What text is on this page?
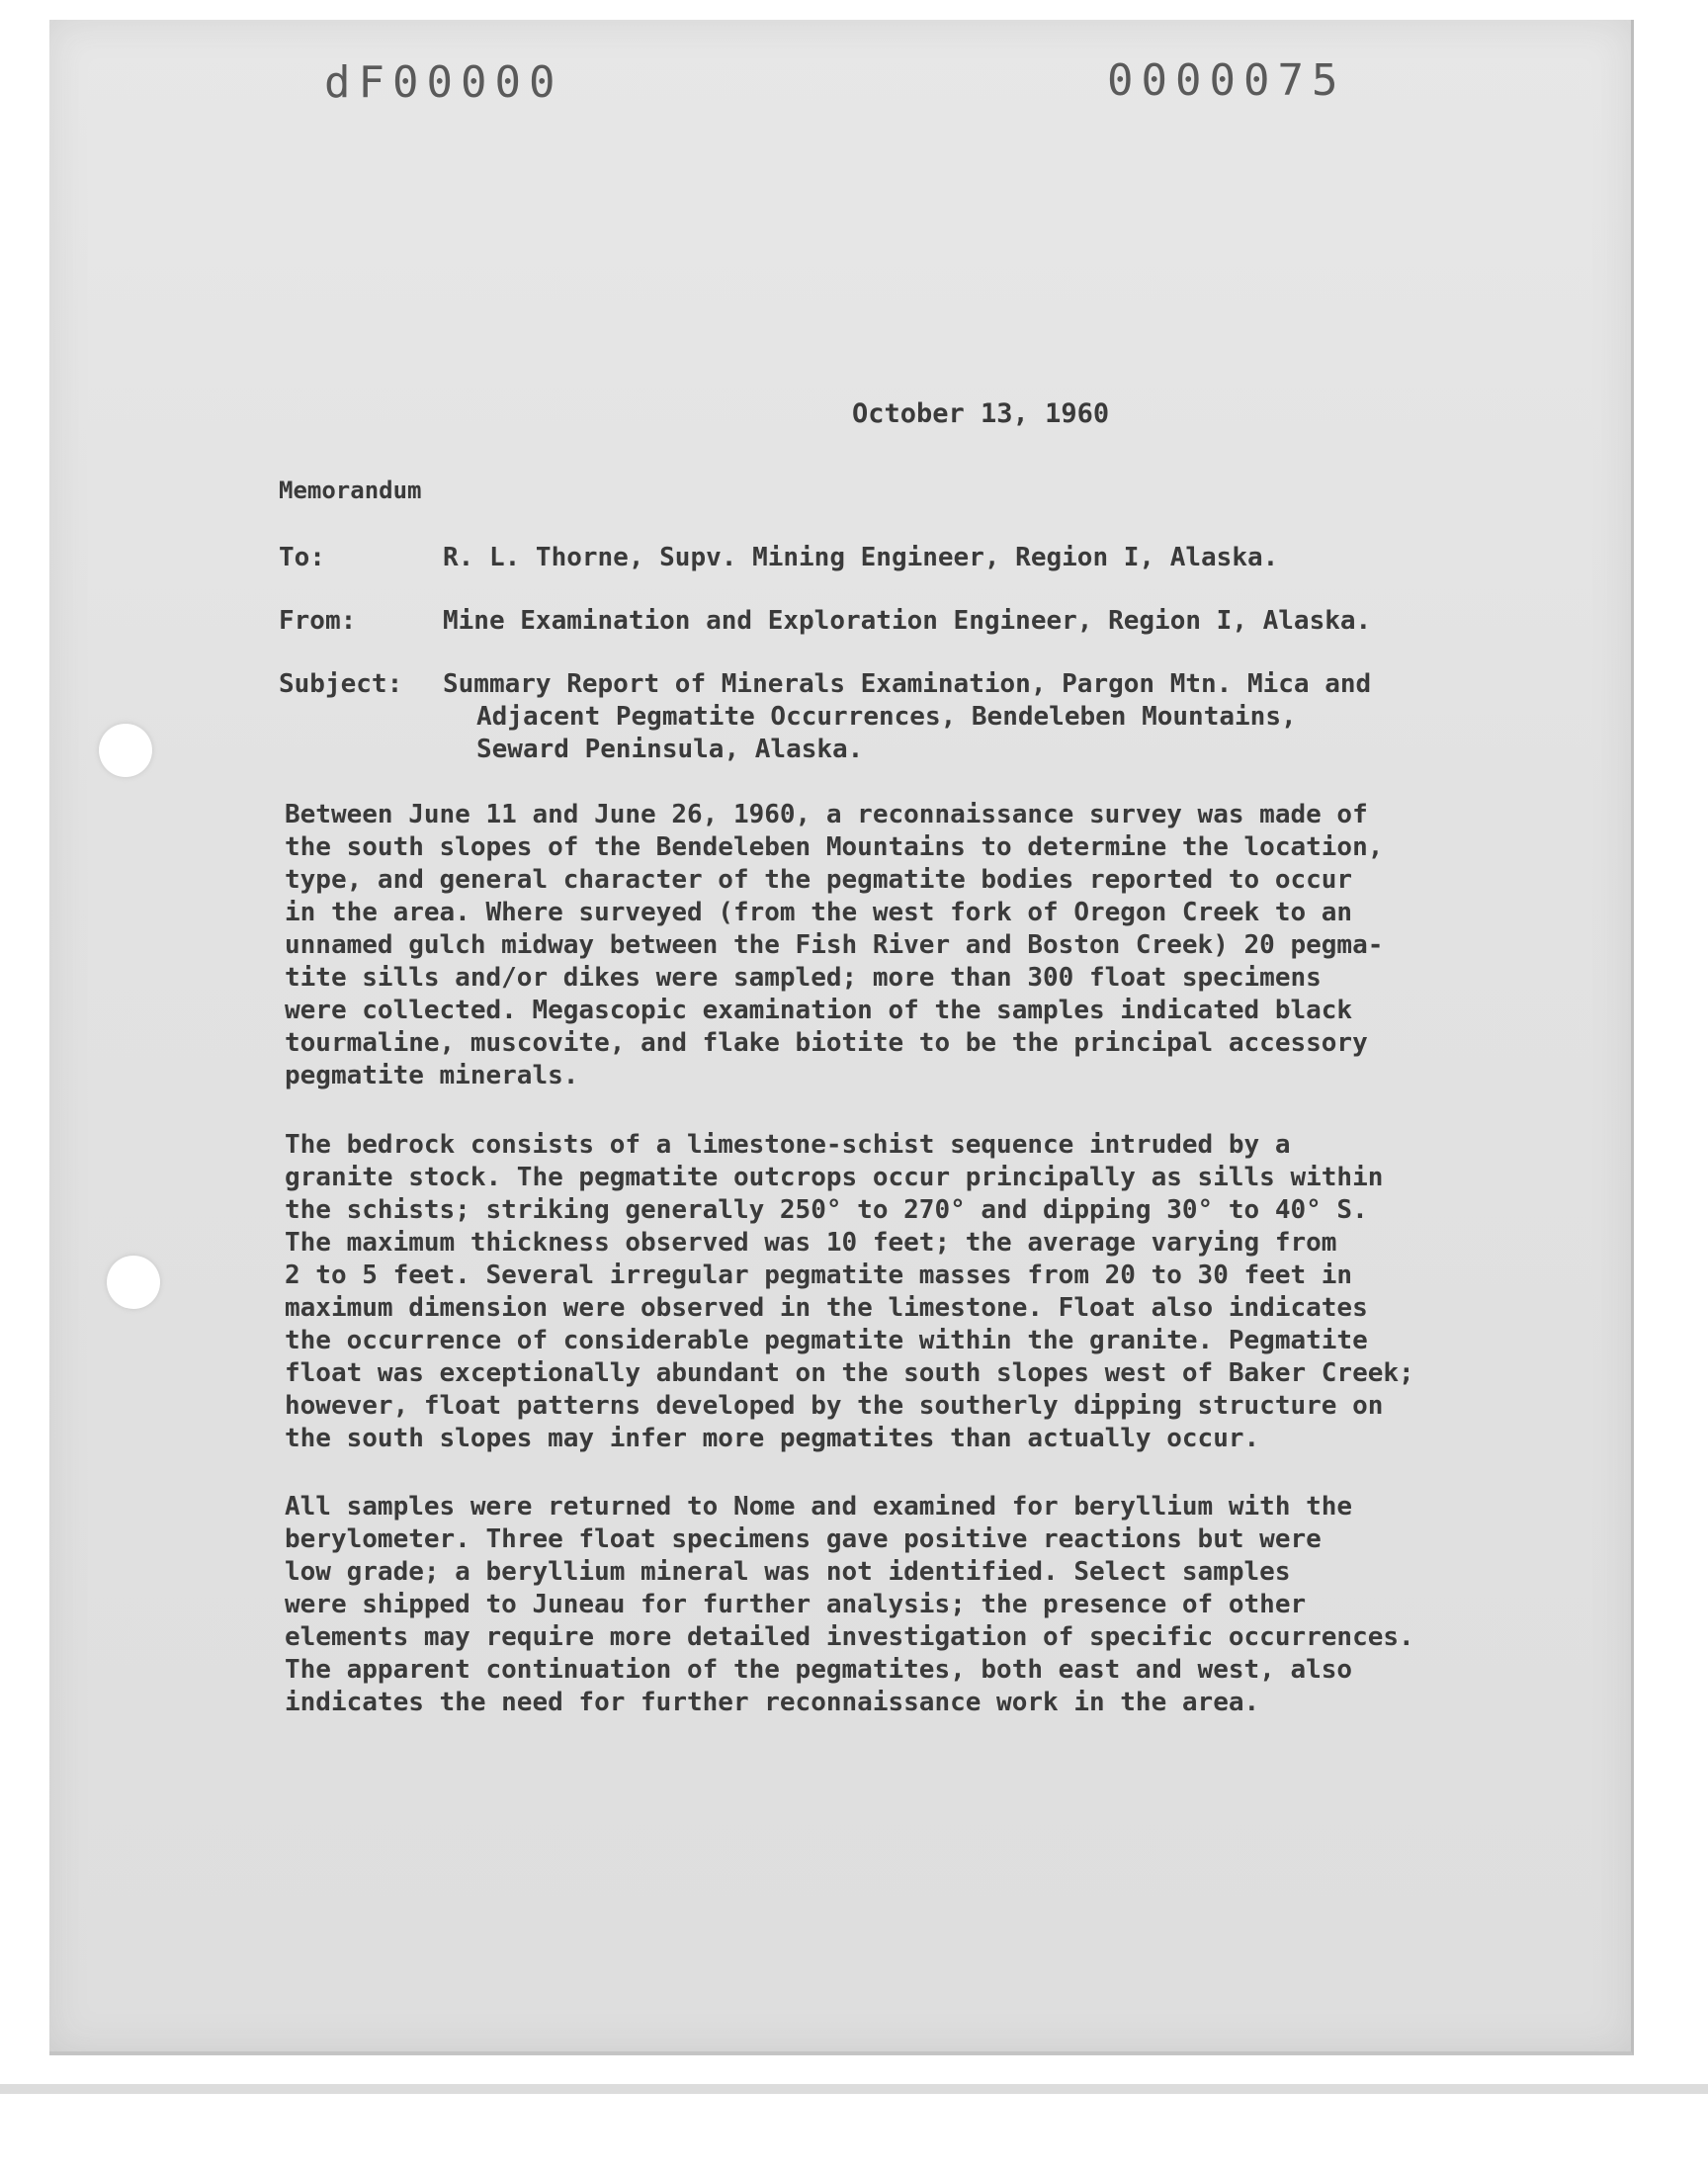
dF00000	0000075
October 13, 1960
Memorandum
To:	R. L. Thorne, Supv. Mining Engineer, Region I, Alaska.
From:	Mine Examination and Exploration Engineer, Region I, Alaska.
Subject:	Summary Report of Minerals Examination, Pargon Mtn. Mica and
Adjacent Pegmatite Occurrences, Bendeleben Mountains,
Seward Peninsula, Alaska.
Between June 11 and June 26, 1960, a reconnaissance survey was made of
the south slopes of the Bendeleben Mountains to determine the location,
type, and general character of the pegmatite bodies reported to occur
in the area. Where surveyed (from the west fork of Oregon Creek to an
unnamed gulch midway between the Fish River and Boston Creek) 20 pegma-
tite sills and/or dikes were sampled; more than 300 float specimens
were collected. Megascopic examination of the samples indicated black
tourmaline, muscovite, and flake biotite to be the principal accessory
pegmatite minerals.
The bedrock consists of a limestone-schist sequence intruded by a
granite stock. The pegmatite outcrops occur principally as sills within
the schists; striking generally 250° to 270° and dipping 30° to 40° S.
The maximum thickness observed was 10 feet; the average varying from
2 to 5 feet. Several irregular pegmatite masses from 20 to 30 feet in
maximum dimension were observed in the limestone. Float also indicates
the occurrence of considerable pegmatite within the granite. Pegmatite
float was exceptionally abundant on the south slopes west of Baker Creek;
however, float patterns developed by the southerly dipping structure on
the south slopes may infer more pegmatites than actually occur.
All samples were returned to Nome and examined for beryllium with the
berylometer. Three float specimens gave positive reactions but were
low grade; a beryllium mineral was not identified. Select samples
were shipped to Juneau for further analysis; the presence of other
elements may require more detailed investigation of specific occurrences.
The apparent continuation of the pegmatites, both east and west, also
indicates the need for further reconnaissance work in the area.
